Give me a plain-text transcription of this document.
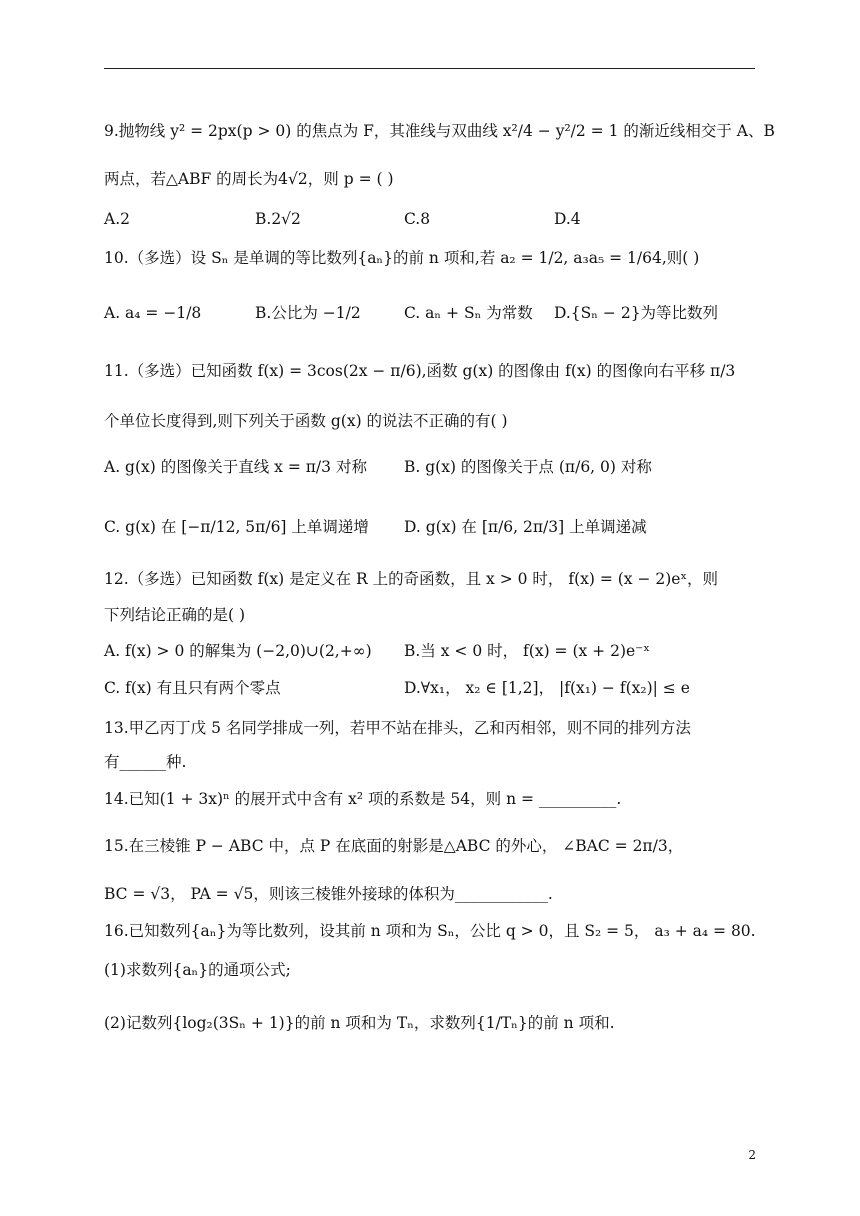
9.抛物线 y² = 2px(p > 0) 的焦点为 F，其准线与双曲线 x²/4 − y²/2 = 1 的渐近线相交于 A、B
两点，若△ABF 的周长为4√2，则 p = ( )
A.2	B.2√2	C.8	D.4
10.（多选）设 Sₙ 是单调的等比数列{aₙ}的前 n 项和,若 a₂ = 1/2, a₃a₅ = 1/64,则( )
A. a₄ = −1/8	B.公比为 −1/2	C. aₙ + Sₙ 为常数 D.{Sₙ − 2}为等比数列
11.（多选）已知函数 f(x) = 3cos(2x − π/6),函数 g(x) 的图像由 f(x) 的图像向右平移 π/3
个单位长度得到,则下列关于函数 g(x) 的说法不正确的有( )
A. g(x) 的图像关于直线 x = π/3 对称 B. g(x) 的图像关于点 (π/6, 0) 对称
C. g(x) 在 [−π/12, 5π/6] 上单调递增 D. g(x) 在 [π/6, 2π/3] 上单调递减
12.（多选）已知函数 f(x) 是定义在 R 上的奇函数，且 x > 0 时， f(x) = (x − 2)eˣ，则
下列结论正确的是( )
A. f(x) > 0 的解集为 (−2,0)∪(2,+∞) B.当 x < 0 时， f(x) = (x + 2)e⁻ˣ
C. f(x) 有且只有两个零点	D.∀x₁， x₂ ∈ [1,2]， |f(x₁) − f(x₂)| ≤ e
13.甲乙丙丁戊 5 名同学排成一列，若甲不站在排头，乙和丙相邻，则不同的排列方法
有______种.
14.已知(1 + 3x)ⁿ 的展开式中含有 x² 项的系数是 54，则 n = __________.
15.在三棱锥 P − ABC 中，点 P 在底面的射影是△ABC 的外心， ∠BAC = 2π/3，
BC = √3， PA = √5，则该三棱锥外接球的体积为____________.
16.已知数列{aₙ}为等比数列，设其前 n 项和为 Sₙ，公比 q > 0，且 S₂ = 5， a₃ + a₄ = 80.
(1)求数列{aₙ}的通项公式;
(2)记数列{log₂(3Sₙ + 1)}的前 n 项和为 Tₙ，求数列{1/Tₙ}的前 n 项和.
2
